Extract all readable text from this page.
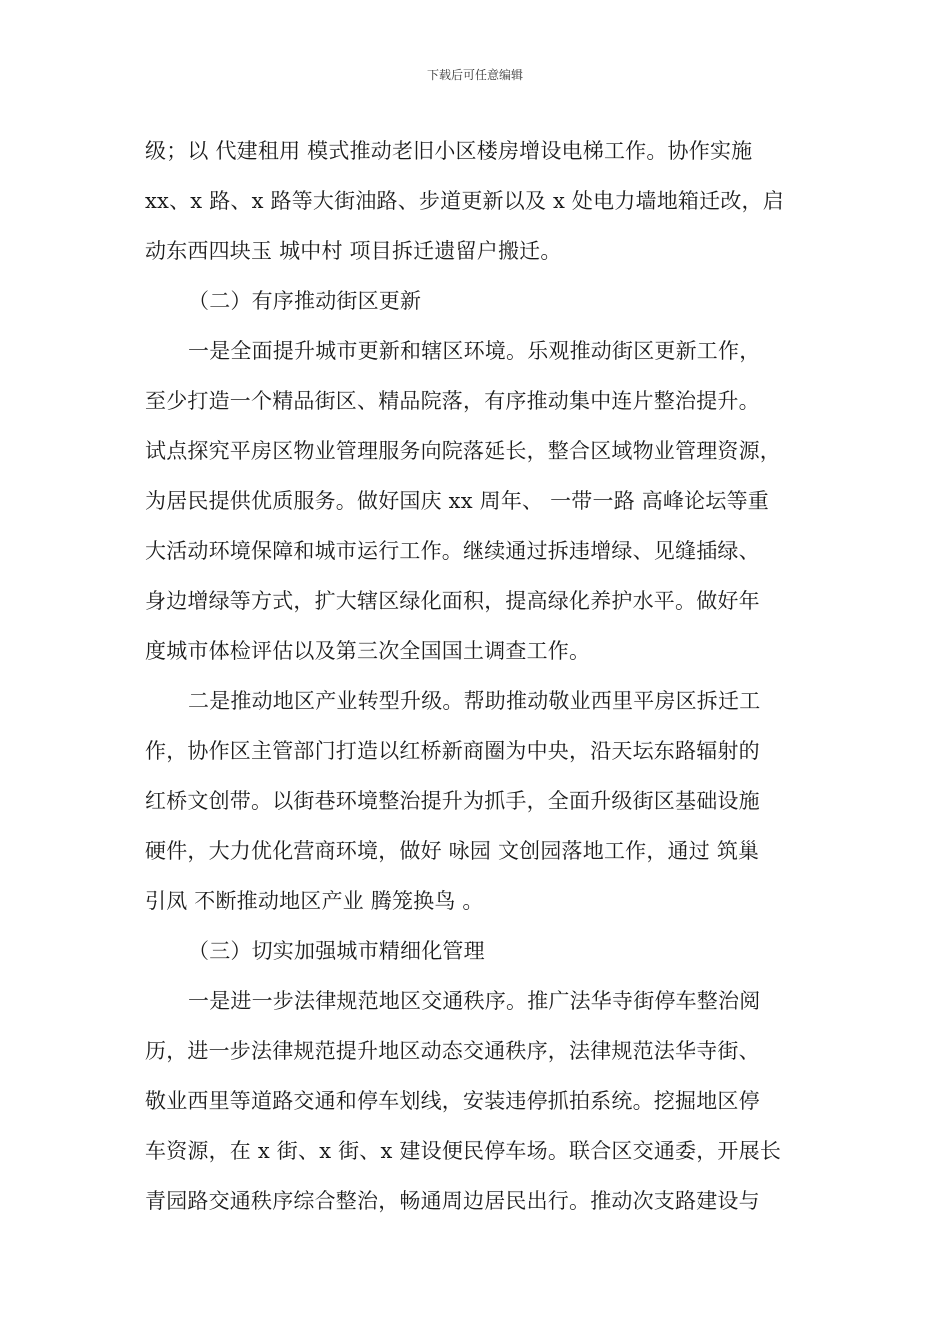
下载后可任意编辑
级；以 代建租用 模式推动老旧小区楼房增设电梯工作。协作实施
xx、x 路、x 路等大街油路、步道更新以及 x 处电力墙地箱迁改，启
动东西四块玉 城中村 项目拆迁遗留户搬迁。
（二）有序推动街区更新
一是全面提升城市更新和辖区环境。乐观推动街区更新工作，
至少打造一个精品街区、精品院落，有序推动集中连片整治提升。
试点探究平房区物业管理服务向院落延长，整合区域物业管理资源，
为居民提供优质服务。做好国庆 xx 周年、 一带一路 高峰论坛等重
大活动环境保障和城市运行工作。继续通过拆违增绿、见缝插绿、
身边增绿等方式，扩大辖区绿化面积，提高绿化养护水平。做好年
度城市体检评估以及第三次全国国土调查工作。
二是推动地区产业转型升级。帮助推动敬业西里平房区拆迁工
作，协作区主管部门打造以红桥新商圈为中央，沿天坛东路辐射的
红桥文创带。以街巷环境整治提升为抓手，全面升级街区基础设施
硬件，大力优化营商环境，做好 咏园 文创园落地工作，通过 筑巢
引凤 不断推动地区产业 腾笼换鸟 。
（三）切实加强城市精细化管理
一是进一步法律规范地区交通秩序。推广法华寺街停车整治阅
历，进一步法律规范提升地区动态交通秩序，法律规范法华寺街、
敬业西里等道路交通和停车划线，安装违停抓拍系统。挖掘地区停
车资源，在 x 街、x 街、x 建设便民停车场。联合区交通委，开展长
青园路交通秩序综合整治，畅通周边居民出行。推动次支路建设与
